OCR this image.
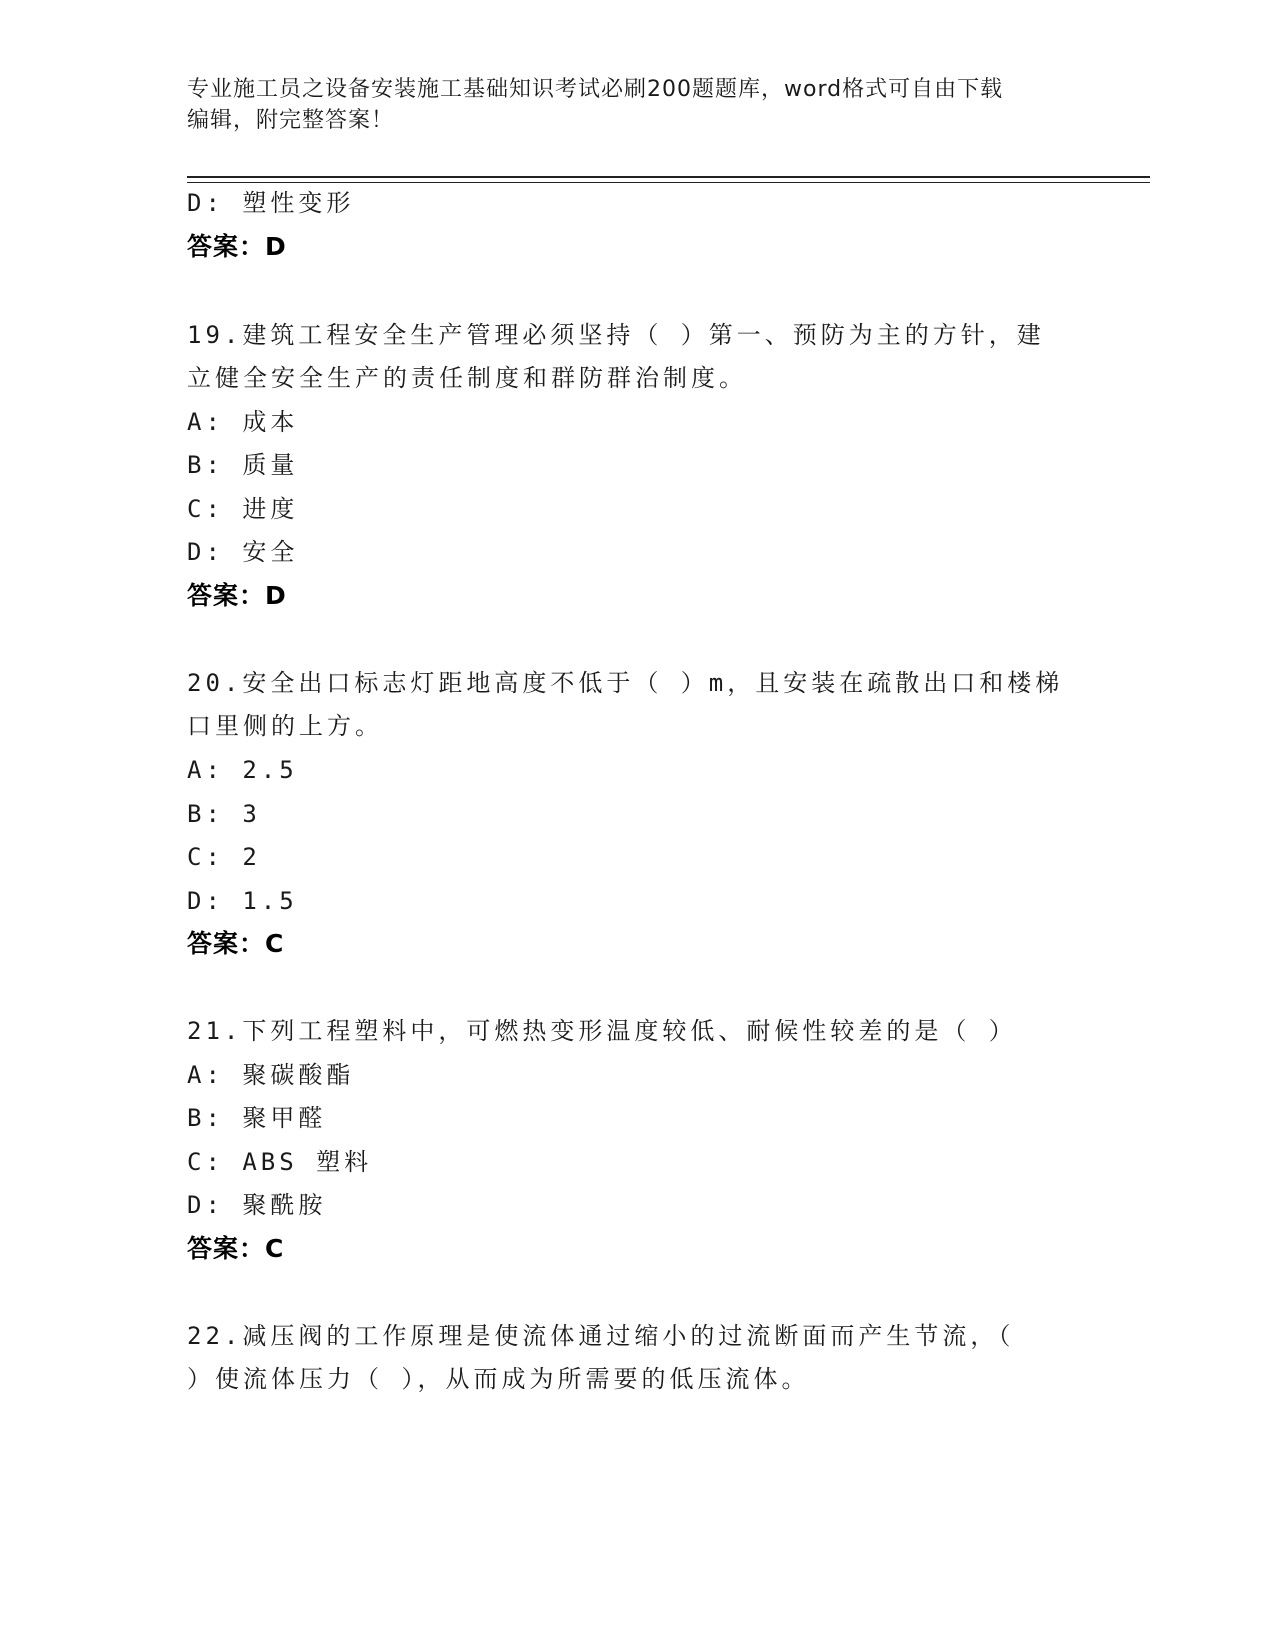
专业施工员之设备安装施工基础知识考试必刷200题题库，word格式可自由下载
编辑，附完整答案！
D: 塑性变形
答案：D
19.建筑工程安全生产管理必须坚持（ ）第一、预防为主的方针，建
立健全安全生产的责任制度和群防群治制度。
A: 成本
B: 质量
C: 进度
D: 安全
答案：D
20.安全出口标志灯距地高度不低于（ ）m，且安装在疏散出口和楼梯
口里侧的上方。
A: 2.5
B: 3
C: 2
D: 1.5
答案：C
21.下列工程塑料中，可燃热变形温度较低、耐候性较差的是（ ）
A: 聚碳酸酯
B: 聚甲醛
C: ABS 塑料
D: 聚酰胺
答案：C
22.减压阀的工作原理是使流体通过缩小的过流断面而产生节流，（
）使流体压力（ ），从而成为所需要的低压流体。
